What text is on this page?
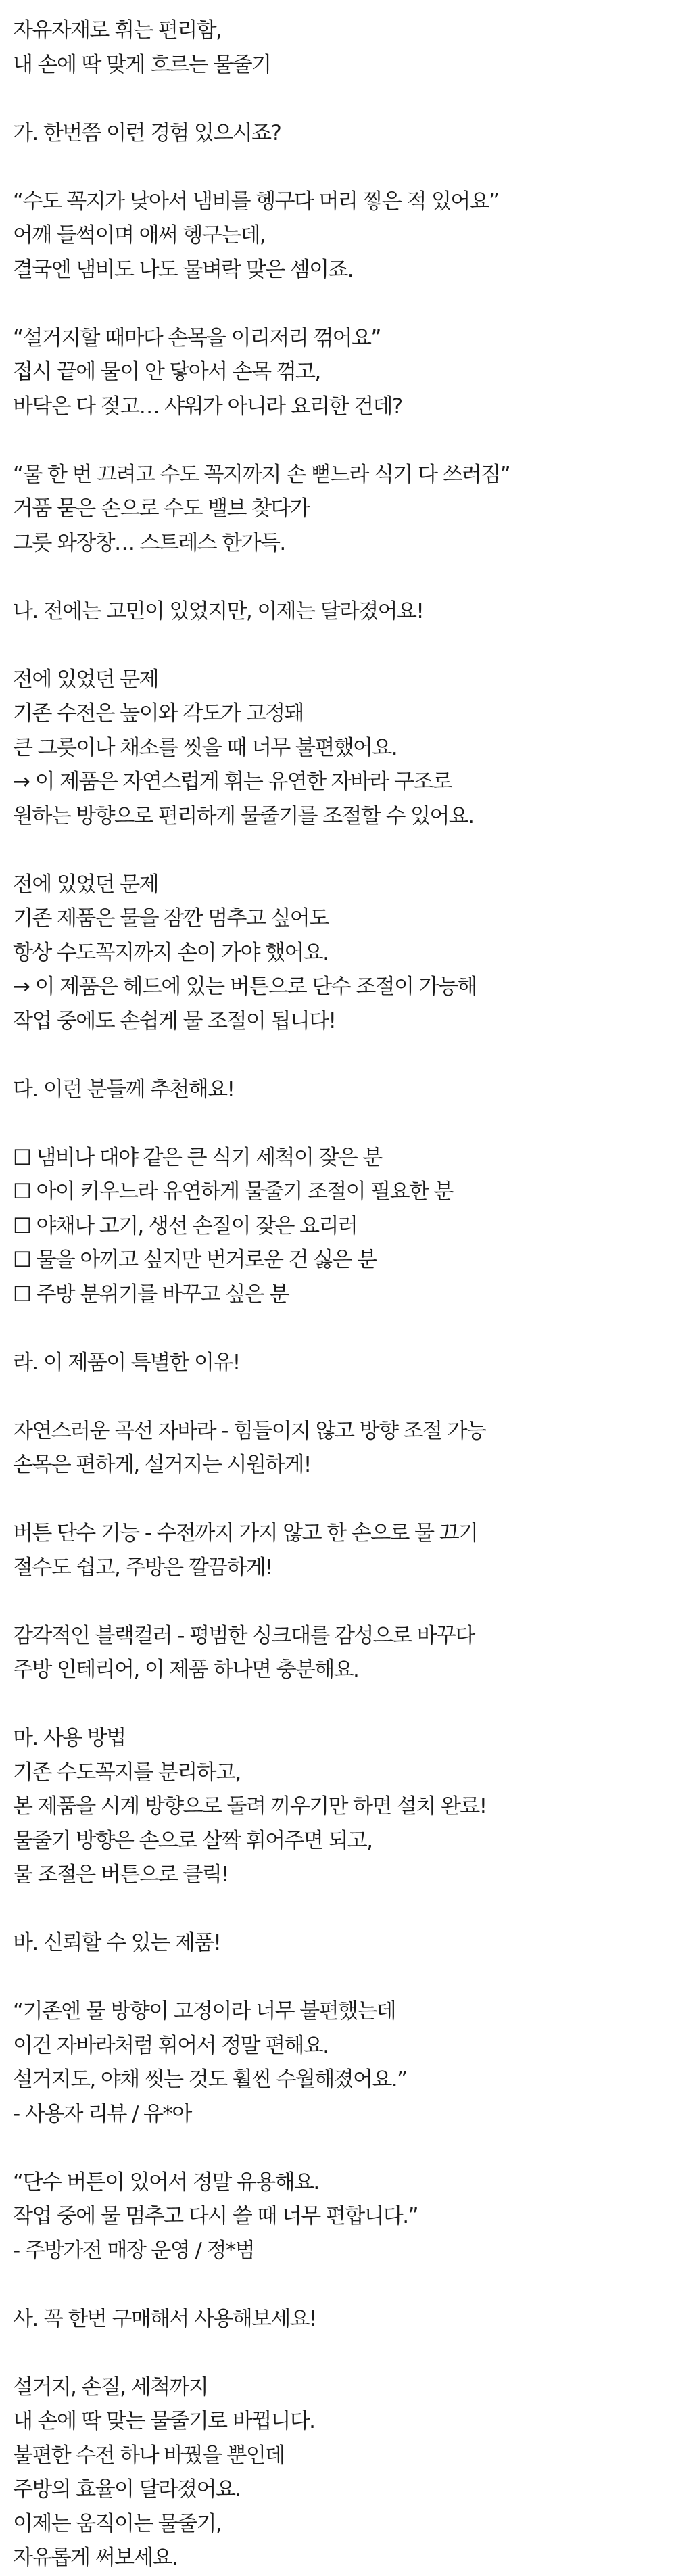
자유자재로 휘는 편리함,
내 손에 딱 맞게 흐르는 물줄기
가. 한번쯤 이런 경험 있으시죠?
“수도 꼭지가 낮아서 냄비를 헹구다 머리 찧은 적 있어요”
어깨 들썩이며 애써 헹구는데,
결국엔 냄비도 나도 물벼락 맞은 셈이죠.
“설거지할 때마다 손목을 이리저리 꺾어요”
접시 끝에 물이 안 닿아서 손목 꺾고,
바닥은 다 젖고… 샤워가 아니라 요리한 건데?
“물 한 번 끄려고 수도 꼭지까지 손 뻗느라 식기 다 쓰러짐”
거품 묻은 손으로 수도 밸브 찾다가
그릇 와장창… 스트레스 한가득.
나. 전에는 고민이 있었지만, 이제는 달라졌어요!
전에 있었던 문제
기존 수전은 높이와 각도가 고정돼
큰 그릇이나 채소를 씻을 때 너무 불편했어요.
→ 이 제품은 자연스럽게 휘는 유연한 자바라 구조로
원하는 방향으로 편리하게 물줄기를 조절할 수 있어요.
전에 있었던 문제
기존 제품은 물을 잠깐 멈추고 싶어도
항상 수도꼭지까지 손이 가야 했어요.
→ 이 제품은 헤드에 있는 버튼으로 단수 조절이 가능해
작업 중에도 손쉽게 물 조절이 됩니다!
다. 이런 분들께 추천해요!
☐ 냄비나 대야 같은 큰 식기 세척이 잦은 분
☐ 아이 키우느라 유연하게 물줄기 조절이 필요한 분
☐ 야채나 고기, 생선 손질이 잦은 요리러
☐ 물을 아끼고 싶지만 번거로운 건 싫은 분
☐ 주방 분위기를 바꾸고 싶은 분
라. 이 제품이 특별한 이유!
자연스러운 곡선 자바라 - 힘들이지 않고 방향 조절 가능
손목은 편하게, 설거지는 시원하게!
버튼 단수 기능 - 수전까지 가지 않고 한 손으로 물 끄기
절수도 쉽고, 주방은 깔끔하게!
감각적인 블랙컬러 - 평범한 싱크대를 감성으로 바꾸다
주방 인테리어, 이 제품 하나면 충분해요.
마. 사용 방법
기존 수도꼭지를 분리하고,
본 제품을 시계 방향으로 돌려 끼우기만 하면 설치 완료!
물줄기 방향은 손으로 살짝 휘어주면 되고,
물 조절은 버튼으로 클릭!
바. 신뢰할 수 있는 제품!
“기존엔 물 방향이 고정이라 너무 불편했는데
이건 자바라처럼 휘어서 정말 편해요.
설거지도, 야채 씻는 것도 훨씬 수월해졌어요.”
- 사용자 리뷰 / 유*아
“단수 버튼이 있어서 정말 유용해요.
작업 중에 물 멈추고 다시 쓸 때 너무 편합니다.”
- 주방가전 매장 운영 / 정*범
사. 꼭 한번 구매해서 사용해보세요!
설거지, 손질, 세척까지
내 손에 딱 맞는 물줄기로 바뀝니다.
불편한 수전 하나 바꿨을 뿐인데
주방의 효율이 달라졌어요.
이제는 움직이는 물줄기,
자유롭게 써보세요.
